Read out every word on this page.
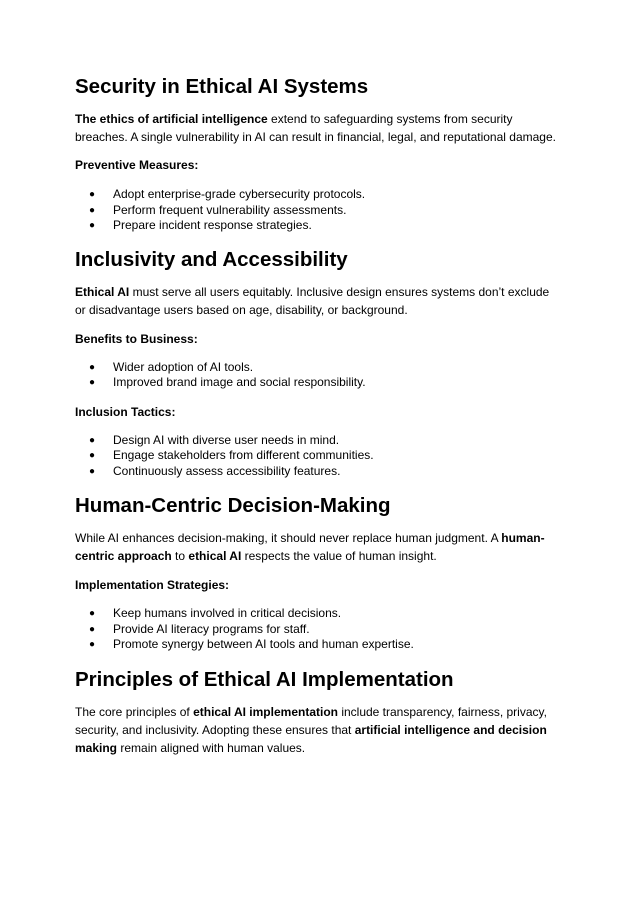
Security in Ethical AI Systems

The ethics of artificial intelligence extend to safeguarding systems from security breaches. A single vulnerability in AI can result in financial, legal, and reputational damage.

Preventive Measures:

● Adopt enterprise-grade cybersecurity protocols.
● Perform frequent vulnerability assessments.
● Prepare incident response strategies.
Inclusivity and Accessibility

Ethical AI must serve all users equitably. Inclusive design ensures systems don’t exclude or disadvantage users based on age, disability, or background.

Benefits to Business:

● Wider adoption of AI tools.
● Improved brand image and social responsibility.

Inclusion Tactics:

● Design AI with diverse user needs in mind.
● Engage stakeholders from different communities.
● Continuously assess accessibility features.
Human-Centric Decision-Making

While AI enhances decision-making, it should never replace human judgment. A human-centric approach to ethical AI respects the value of human insight.

Implementation Strategies:

● Keep humans involved in critical decisions.
● Provide AI literacy programs for staff.
● Promote synergy between AI tools and human expertise.
Principles of Ethical AI Implementation

The core principles of ethical AI implementation include transparency, fairness, privacy, security, and inclusivity. Adopting these ensures that artificial intelligence and decision making remain aligned with human values.
